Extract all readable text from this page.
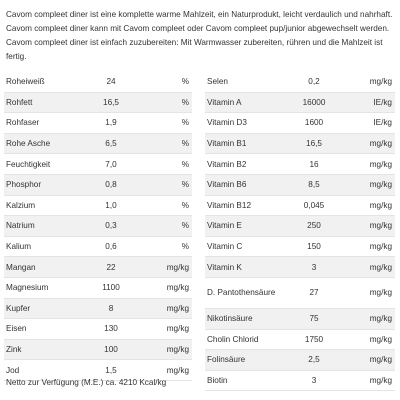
Cavom compleet diner ist eine komplette warme Mahlzeit, ein Naturprodukt, leicht verdaulich und nahrhaft. Cavom compleet diner kann mit Cavom compleet oder Cavom compleet pup/junior abgewechselt werden. Cavom compleet diner ist einfach zuzubereiten: Mit Warmwasser zubereiten, rühren und die Mahlzeit ist fertig.

Roheiweiß	24	%
Rohfett	16,5	%
Rohfaser	1,9	%
Rohe Asche	6,5	%
Feuchtigkeit	7,0	%
Phosphor	0,8	%
Kalzium	1,0	%
Natrium	0,3	%
Kalium	0,6	%
Mangan	22	mg/kg
Magnesium	1100	mg/kg
Kupfer	8	mg/kg
Eisen	130	mg/kg
Zink	100	mg/kg
Jod	1,5	mg/kg
Selen	0,2	mg/kg
Vitamin A	16000	IE/kg
Vitamin D3	1600	IE/kg
Vitamin B1	16,5	mg/kg
Vitamin B2	16	mg/kg
Vitamin B6	8,5	mg/kg
Vitamin B12	0,045	mg/kg
Vitamin E	250	mg/kg
Vitamin C	150	mg/kg
Vitamin K	3	mg/kg
D. Pantothensäure	27	mg/kg
Nikotinsäure	75	mg/kg
Cholin Chlorid	1750	mg/kg
Folinsäure	2,5	mg/kg
Biotin	3	mg/kg

Netto zur Verfügung (M.E.) ca. 4210 Kcal/kg
